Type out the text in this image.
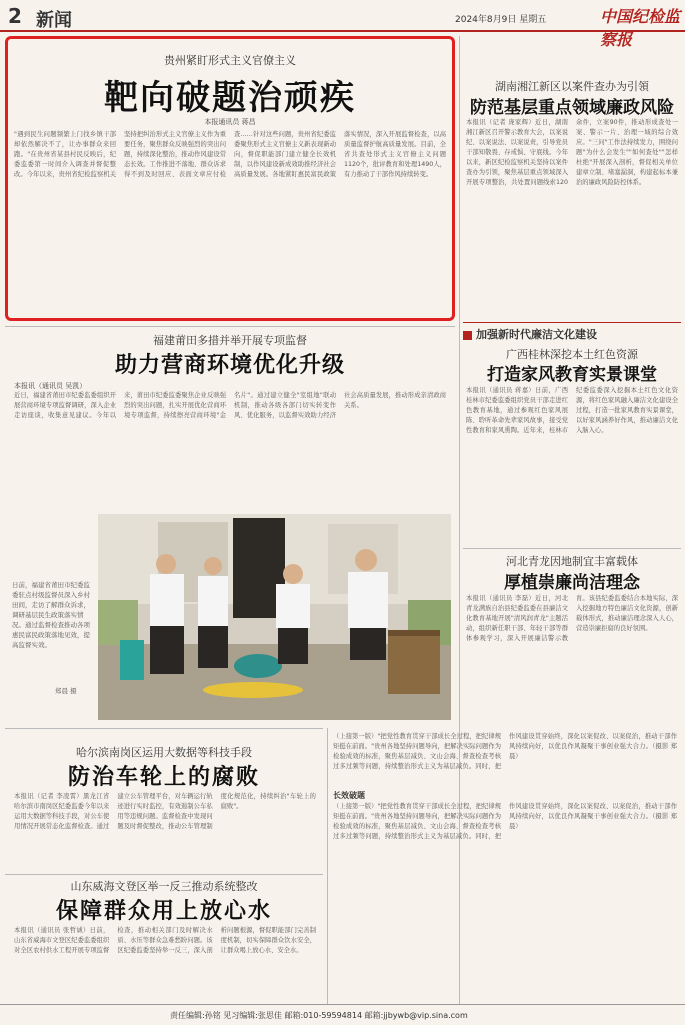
2 新闻	2024年8月9日 星期五	中国纪检监察报
贵州紧盯形式主义官僚主义
靶向破题治顽疾
本报通讯员 蒋昌
"遇到民生问题频繁上门找乡镇干部却依然解决不了，让办事群众来回跑。"在贵州省某县村民反映后，纪委监委第一时间介入调查并督促整改。今年以来，贵州省纪检监察机关坚持把纠治形式主义官僚主义作为重要任务，聚焦群众反映强烈的突出问题，持续深化整治，推动作风建设常态长效。工作推进不落地、群众诉求得不到及时回应、表面文章应付检查……针对这些问题，贵州省纪委监委聚焦形式主义官僚主义新表现新动向，督促职能部门建立健全长效机制，以作风建设新成效助推经济社会高质量发展。各地紧盯惠民富民政策落实情况，深入开展监督检查，以高质量监督护航高质量发展。目前，全省共查处形式主义官僚主义问题1120个，批评教育和处理1490人，有力推动了干部作风持续转变。
湖南湘江新区以案件查办为引領
防范基层重点领域廉政风险
本报讯（记者 庞家辉）近日，湖南湘江新区召开警示教育大会，以案说纪、以案说法、以案说责，引导党员干部知敬畏、存戒惧、守底线。今年以来，新区纪检监察机关坚持以案件查办为引领，聚焦基层重点领域深入开展专项整治，共处置问题线索120余件，立案90件，推动形成查处一案、警示一片、治理一域的综合效应。"三问"工作法持续发力，围绕问题"为什么会发生""如何查处""怎样杜绝"开展深入剖析，督促相关单位建章立制、堵塞漏洞，构建起标本兼治的廉政风险防控体系。
加强新时代廉洁文化建设
广西桂林深挖本土红色资源
打造家风教育实景课堂
本报讯（通讯员 蒋嘉）日前，广西桂林市纪委监委组织党员干部走进红色教育基地，通过参观红色家风展陈、聆听革命先辈家风故事，接受党性教育和家风熏陶。近年来，桂林市纪委监委深入挖掘本土红色文化资源，将红色家风融入廉洁文化建设全过程，打造一批家风教育实景课堂，以好家风涵养好作风，推动廉洁文化入脑入心。
河北青龙因地制宜丰富载体
厚植崇廉尚洁理念
本报讯（通讯员 李磊）近日，河北青龙满族自治县纪委监委在县廉洁文化教育基地开展"清风润青龙"主题活动，组织新任职干部、年轻干部等群体参观学习，深入开展廉洁警示教育。该县纪委监委结合本地实际，深入挖掘地方特色廉洁文化资源，创新载体形式，推动廉洁理念深入人心，营造崇廉拒腐的良好氛围。
福建莆田多措并举开展专项监督
助力营商环境优化升级
本报讯（通讯员 吴凯）
近日，福建省莆田市纪委监委组织开展营商环境专项监督调研，深入企业走访座谈，收集意见建议。今年以来，莆田市纪委监委聚焦企业反映强烈的突出问题，扎实开展优化营商环境专项监督，持续擦亮营商环境"金名片"。通过建立健全"室组地"联动机制，推动各级各部门切实转变作风、优化服务，以监督实效助力经济社会高质量发展，推动形成亲清政商关系。
日前，福建省莆田市纪委监委驻点村级监督员深入乡村田间，走访了解群众诉求，调研基层民生政策落实情况。通过监督检查推动各项惠民富民政策落地见效，提高监督实效。
郑晨 摄
哈尔滨南岗区运用大数据等科技手段
防治车轮上的腐败
本报讯（记者 李凌霄）黑龙江省哈尔滨市南岗区纪委监委今年以来运用大数据等科技手段，对公车使用情况开展常态化监督检查。通过建立公车管理平台，对车辆运行轨迹进行实时监控，有效遏制公车私用等违规问题。监督检查中发现问题及时督促整改，推动公车管理制度化规范化，持续纠治"车轮上的腐败"。
山东威海文登区举一反三推动系统整改
保障群众用上放心水
本报讯（通讯员 张哲诚）日前，山东省威海市文登区纪委监委组织对全区农村供水工程开展专项监督检查，推动相关部门及时解决水质、水压等群众急难愁盼问题。该区纪委监委坚持举一反三，深入剖析问题根源，督促职能部门完善制度机制，切实保障群众饮水安全，让群众喝上放心水、安全水。
（上接第一版）"把党性教育贯穿干部成长全过程，把纪律规矩挺在前面。"贵州各地坚持问题导向，把解决实际问题作为检验成效的标准，聚焦基层减负、文山会海、督查检查考核过多过频等问题，持续整治形式主义为基层减负。同时，把作风建设贯穿始终，深化以案促改、以案促治，推动干部作风持续向好，以优良作风凝聚干事创业强大合力。（摄影 郑晨）
长效破题
（上接第一版）"把党性教育贯穿干部成长全过程，把纪律规矩挺在前面。"贵州各地坚持问题导向，把解决实际问题作为检验成效的标准，聚焦基层减负、文山会海、督查检查考核过多过频等问题，持续整治形式主义为基层减负。同时，把作风建设贯穿始终，深化以案促改、以案促治，推动干部作风持续向好，以优良作风凝聚干事创业强大合力。（摄影 郑晨）
责任编辑:孙铭 见习编辑:张思佳 邮箱:010-59594814 邮箱:jjbywb@vip.sina.com
